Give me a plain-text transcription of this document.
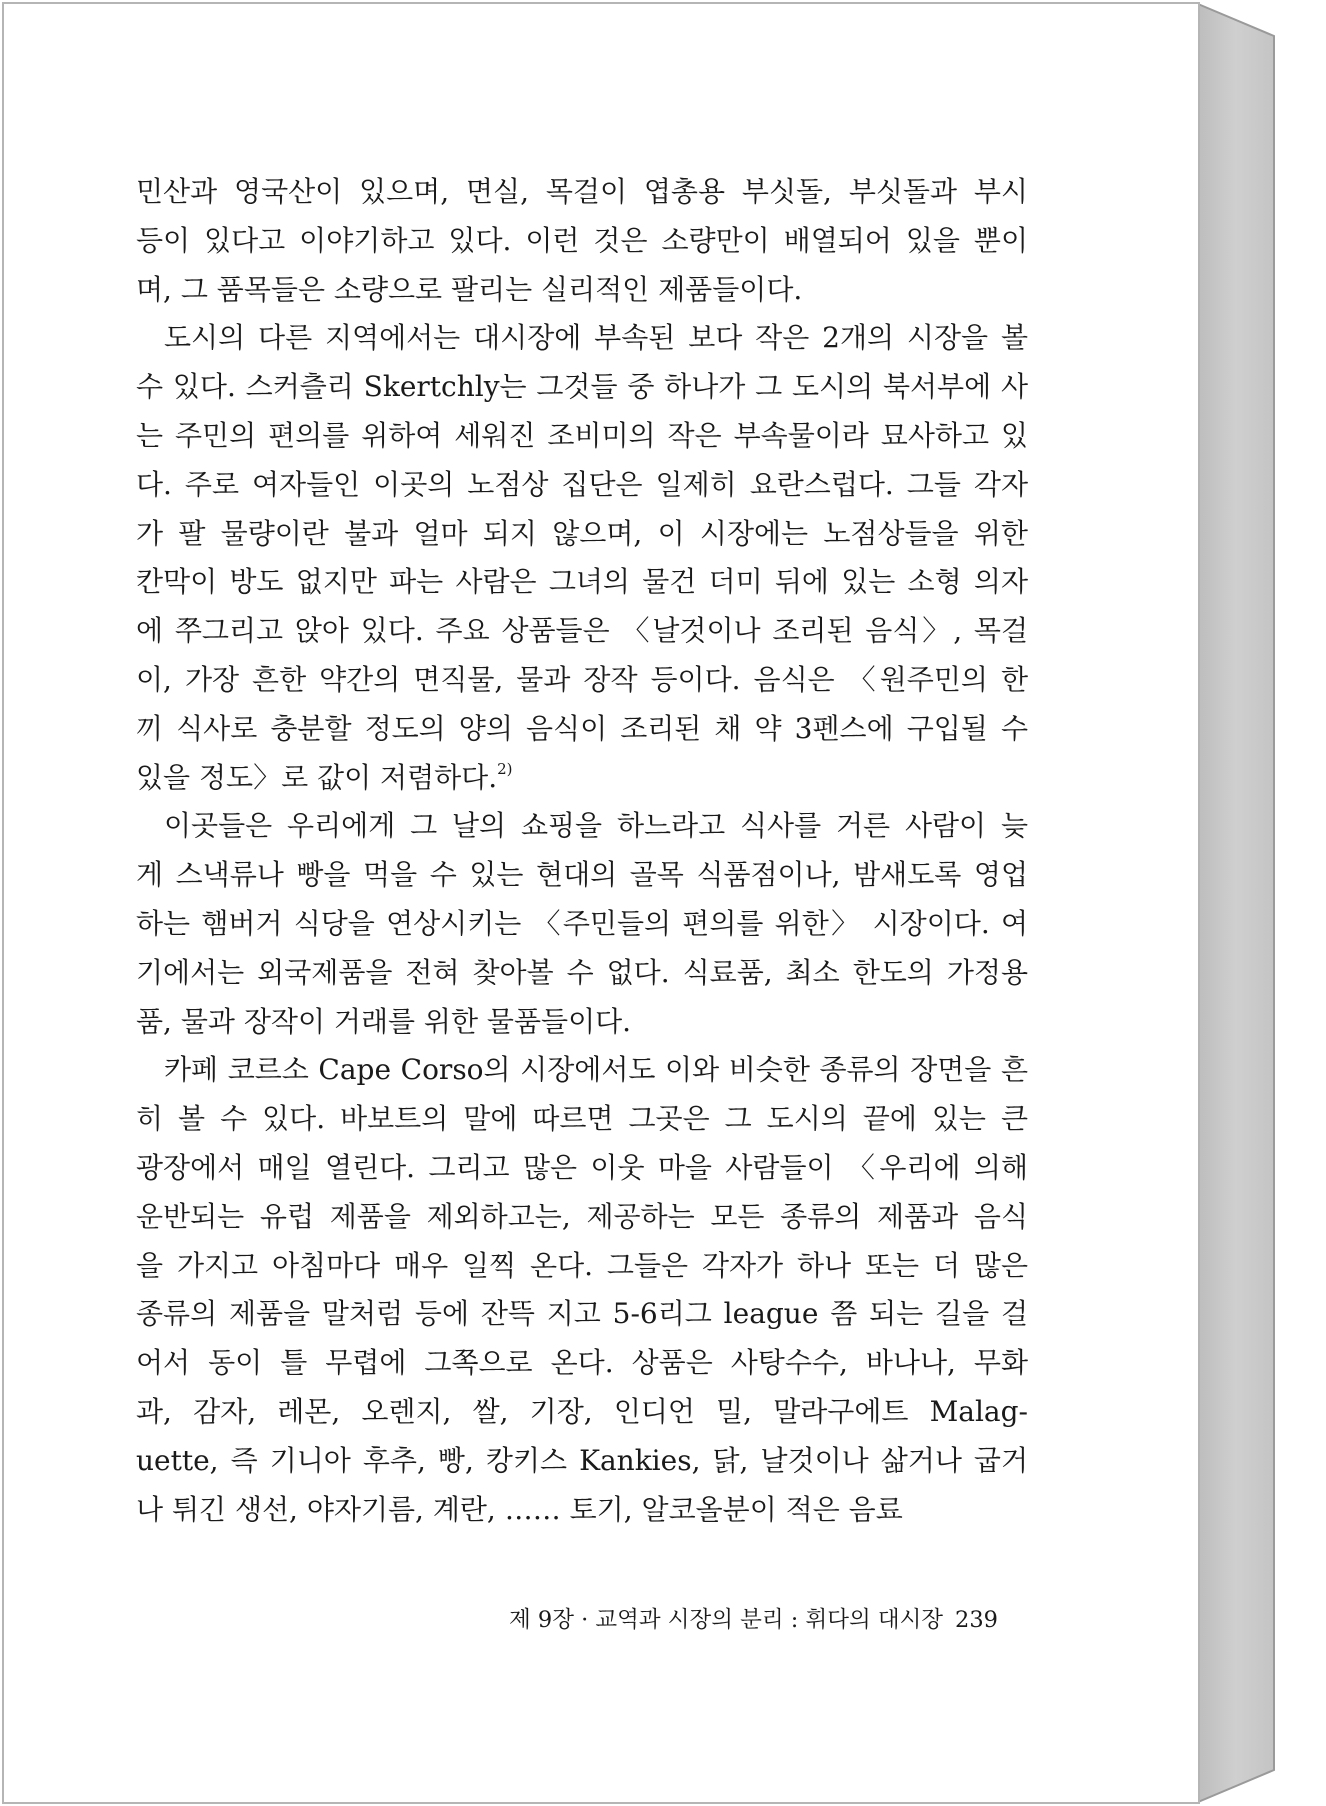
민산과 영국산이 있으며, 면실, 목걸이 엽총용 부싯돌, 부싯돌과 부시

등이 있다고 이야기하고 있다. 이런 것은 소량만이 배열되어 있을 뿐이

며, 그 품목들은 소량으로 팔리는 실리적인 제품들이다.

도시의 다른 지역에서는 대시장에 부속된 보다 작은 2개의 시장을 볼

수 있다. 스커츨리 Skertchly는 그것들 중 하나가 그 도시의 북서부에 사

는 주민의 편의를 위하여 세워진 조비미의 작은 부속물이라 묘사하고 있

다. 주로 여자들인 이곳의 노점상 집단은 일제히 요란스럽다. 그들 각자

가 팔 물량이란 불과 얼마 되지 않으며, 이 시장에는 노점상들을 위한

칸막이 방도 없지만 파는 사람은 그녀의 물건 더미 뒤에 있는 소형 의자

에 쭈그리고 앉아 있다. 주요 상품들은 〈날것이나 조리된 음식〉, 목걸

이, 가장 흔한 약간의 면직물, 물과 장작 등이다. 음식은 〈원주민의 한

끼 식사로 충분할 정도의 양의 음식이 조리된 채 약 3펜스에 구입될 수

있을 정도〉로 값이 저렴하다.$^{2)}$

이곳들은 우리에게 그 날의 쇼핑을 하느라고 식사를 거른 사람이 늦

게 스낵류나 빵을 먹을 수 있는 현대의 골목 식품점이나, 밤새도록 영업

하는 햄버거 식당을 연상시키는 〈주민들의 편의를 위한〉 시장이다. 여

기에서는 외국제품을 전혀 찾아볼 수 없다. 식료품, 최소 한도의 가정용

품, 물과 장작이 거래를 위한 물품들이다.

카페 코르소 Cape Corso의 시장에서도 이와 비슷한 종류의 장면을 흔

히 볼 수 있다. 바보트의 말에 따르면 그곳은 그 도시의 끝에 있는 큰

광장에서 매일 열린다. 그리고 많은 이웃 마을 사람들이 〈우리에 의해

운반되는 유럽 제품을 제외하고는, 제공하는 모든 종류의 제품과 음식

을 가지고 아침마다 매우 일찍 온다. 그들은 각자가 하나 또는 더 많은

종류의 제품을 말처럼 등에 잔뜩 지고 5-6리그 league 쯤 되는 길을 걸

어서 동이 틀 무렵에 그쪽으로 온다. 상품은 사탕수수, 바나나, 무화

과, 감자, 레몬, 오렌지, 쌀, 기장, 인디언 밀, 말라구에트 Malag-

uette, 즉 기니아 후추, 빵, 캉키스 Kankies, 닭, 날것이나 삶거나 굽거

나 튀긴 생선, 야자기름, 계란, …… 토기, 알코올분이 적은 음료

제 9장 · 교역과 시장의 분리 : 휘다의 대시장 239
